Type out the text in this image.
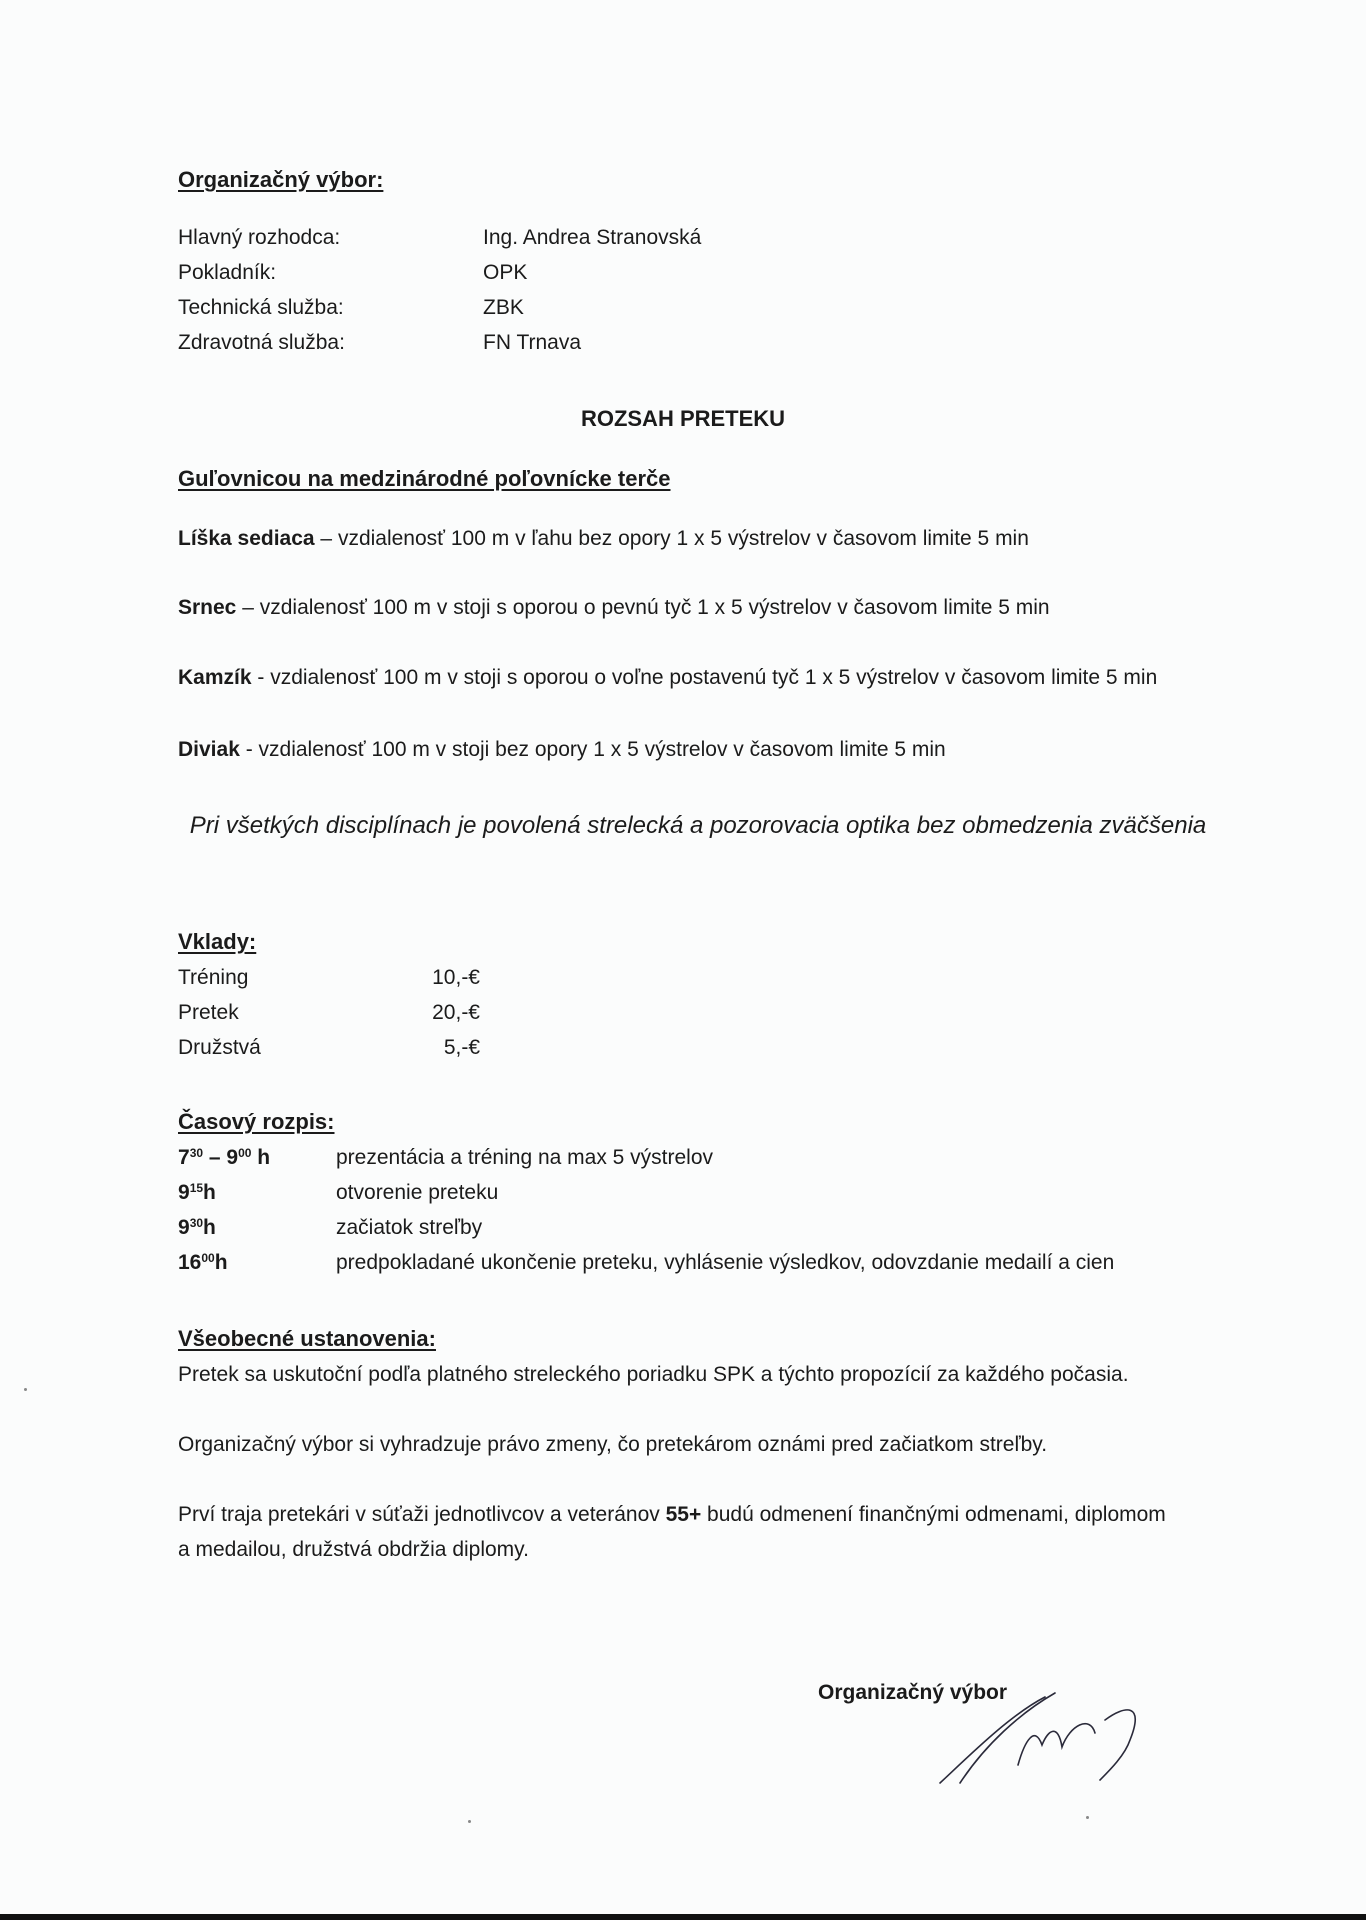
Organizačný výbor:
Hlavný rozhodca:	Ing. Andrea Stranovská
Pokladník:	OPK
Technická služba:	ZBK
Zdravotná služba:	FN Trnava
ROZSAH PRETEKU
Guľovnicou na medzinárodné poľovnícke terče
Líška sediaca – vzdialenosť 100 m v ľahu bez opory 1 x 5 výstrelov v časovom limite 5 min
Srnec – vzdialenosť 100 m v stoji s oporou o pevnú tyč 1 x 5 výstrelov v časovom limite 5 min
Kamzík - vzdialenosť 100 m v stoji s oporou o voľne postavenú tyč 1 x 5 výstrelov v časovom limite 5 min
Diviak - vzdialenosť 100 m v stoji bez opory 1 x 5 výstrelov v časovom limite 5 min
Pri všetkých disciplínach je povolená strelecká a pozorovacia optika bez obmedzenia zväčšenia
Vklady:
Tréning	10,-€
Pretek	20,-€
Družstvá	5,-€
Časový rozpis:
$7^{30} - 9^{00}$ h	prezentácia a tréning na max 5 výstrelov
$9^{15}h$	otvorenie preteku
$9^{30}h$	začiatok streľby
$16^{00}h$	predpokladané ukončenie preteku, vyhlásenie výsledkov, odovzdanie medailí a cien
Všeobecné ustanovenia:
Pretek sa uskutoční podľa platného streleckého poriadku SPK a týchto propozícií za každého počasia.
Organizačný výbor si vyhradzuje právo zmeny, čo pretekárom oznámi pred začiatkom streľby.
Prví traja pretekári v súťaži jednotlivcov a veteránov 55+ budú odmenení finančnými odmenami, diplomom a medailou, družstvá obdržia diplomy.
Organizačný výbor
